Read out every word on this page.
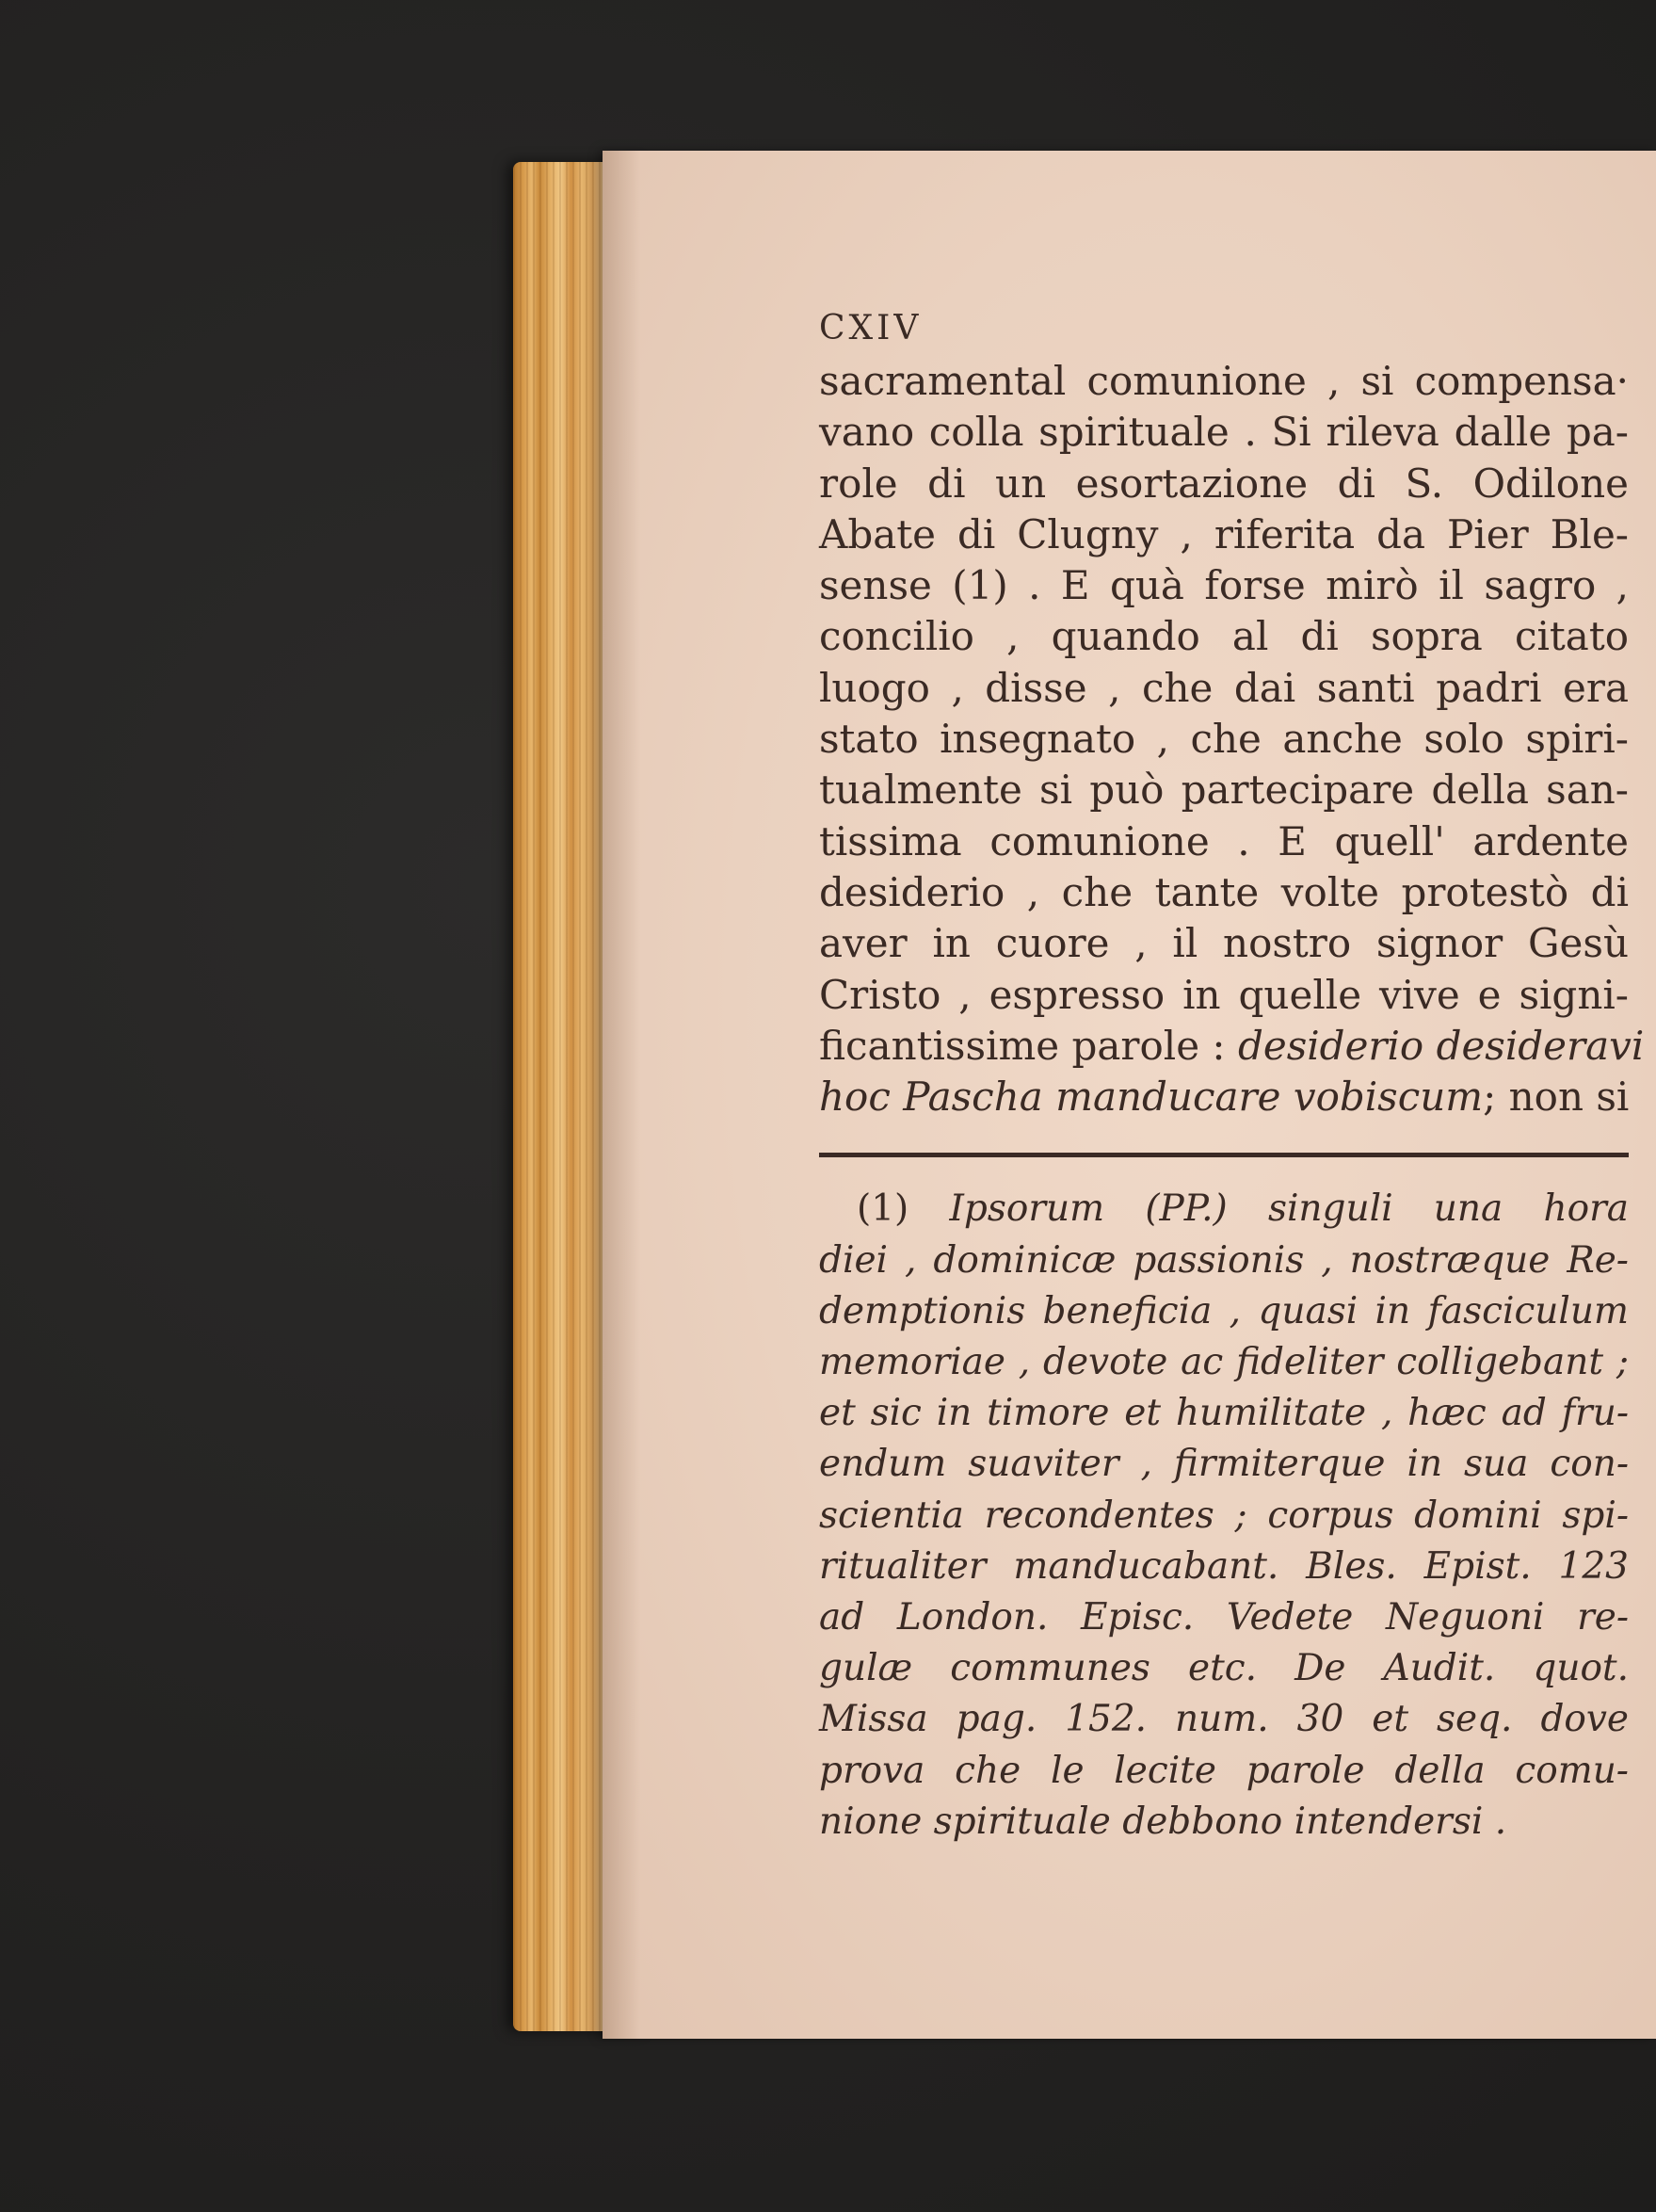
CXIV
sacramental comunione , si compensa·
vano colla spirituale . Si rileva dalle pa-
role di un esortazione di S. Odilone
Abate di Clugny , riferita da Pier Ble-
sense (1) . E quà forse mirò il sagro ,
concilio , quando al di sopra citato
luogo , disse , che dai santi padri era
stato insegnato , che anche solo spiri-
tualmente si può partecipare della san-
tissima comunione . E quell' ardente
desiderio , che tante volte protestò di
aver in cuore , il nostro signor Gesù
Cristo , espresso in quelle vive e signi-
ficantissime parole : desiderio desideravi
hoc Pascha manducare vobiscum; non si
(1) Ipsorum (PP.) singuli una hora
diei , dominicæ passionis , nostræque Re-
demptionis beneficia , quasi in fasciculum
memoriae , devote ac fideliter colligebant ;
et sic in timore et humilitate , hæc ad fru-
endum suaviter , firmiterque in sua con-
scientia recondentes ; corpus domini spi-
ritualiter manducabant. Bles. Epist. 123
ad London. Episc. Vedete Neguoni re-
gulæ communes etc. De Audit. quot.
Missa pag. 152. num. 30 et seq. dove
prova che le lecite parole della comu-
nione spirituale debbono intendersi .
